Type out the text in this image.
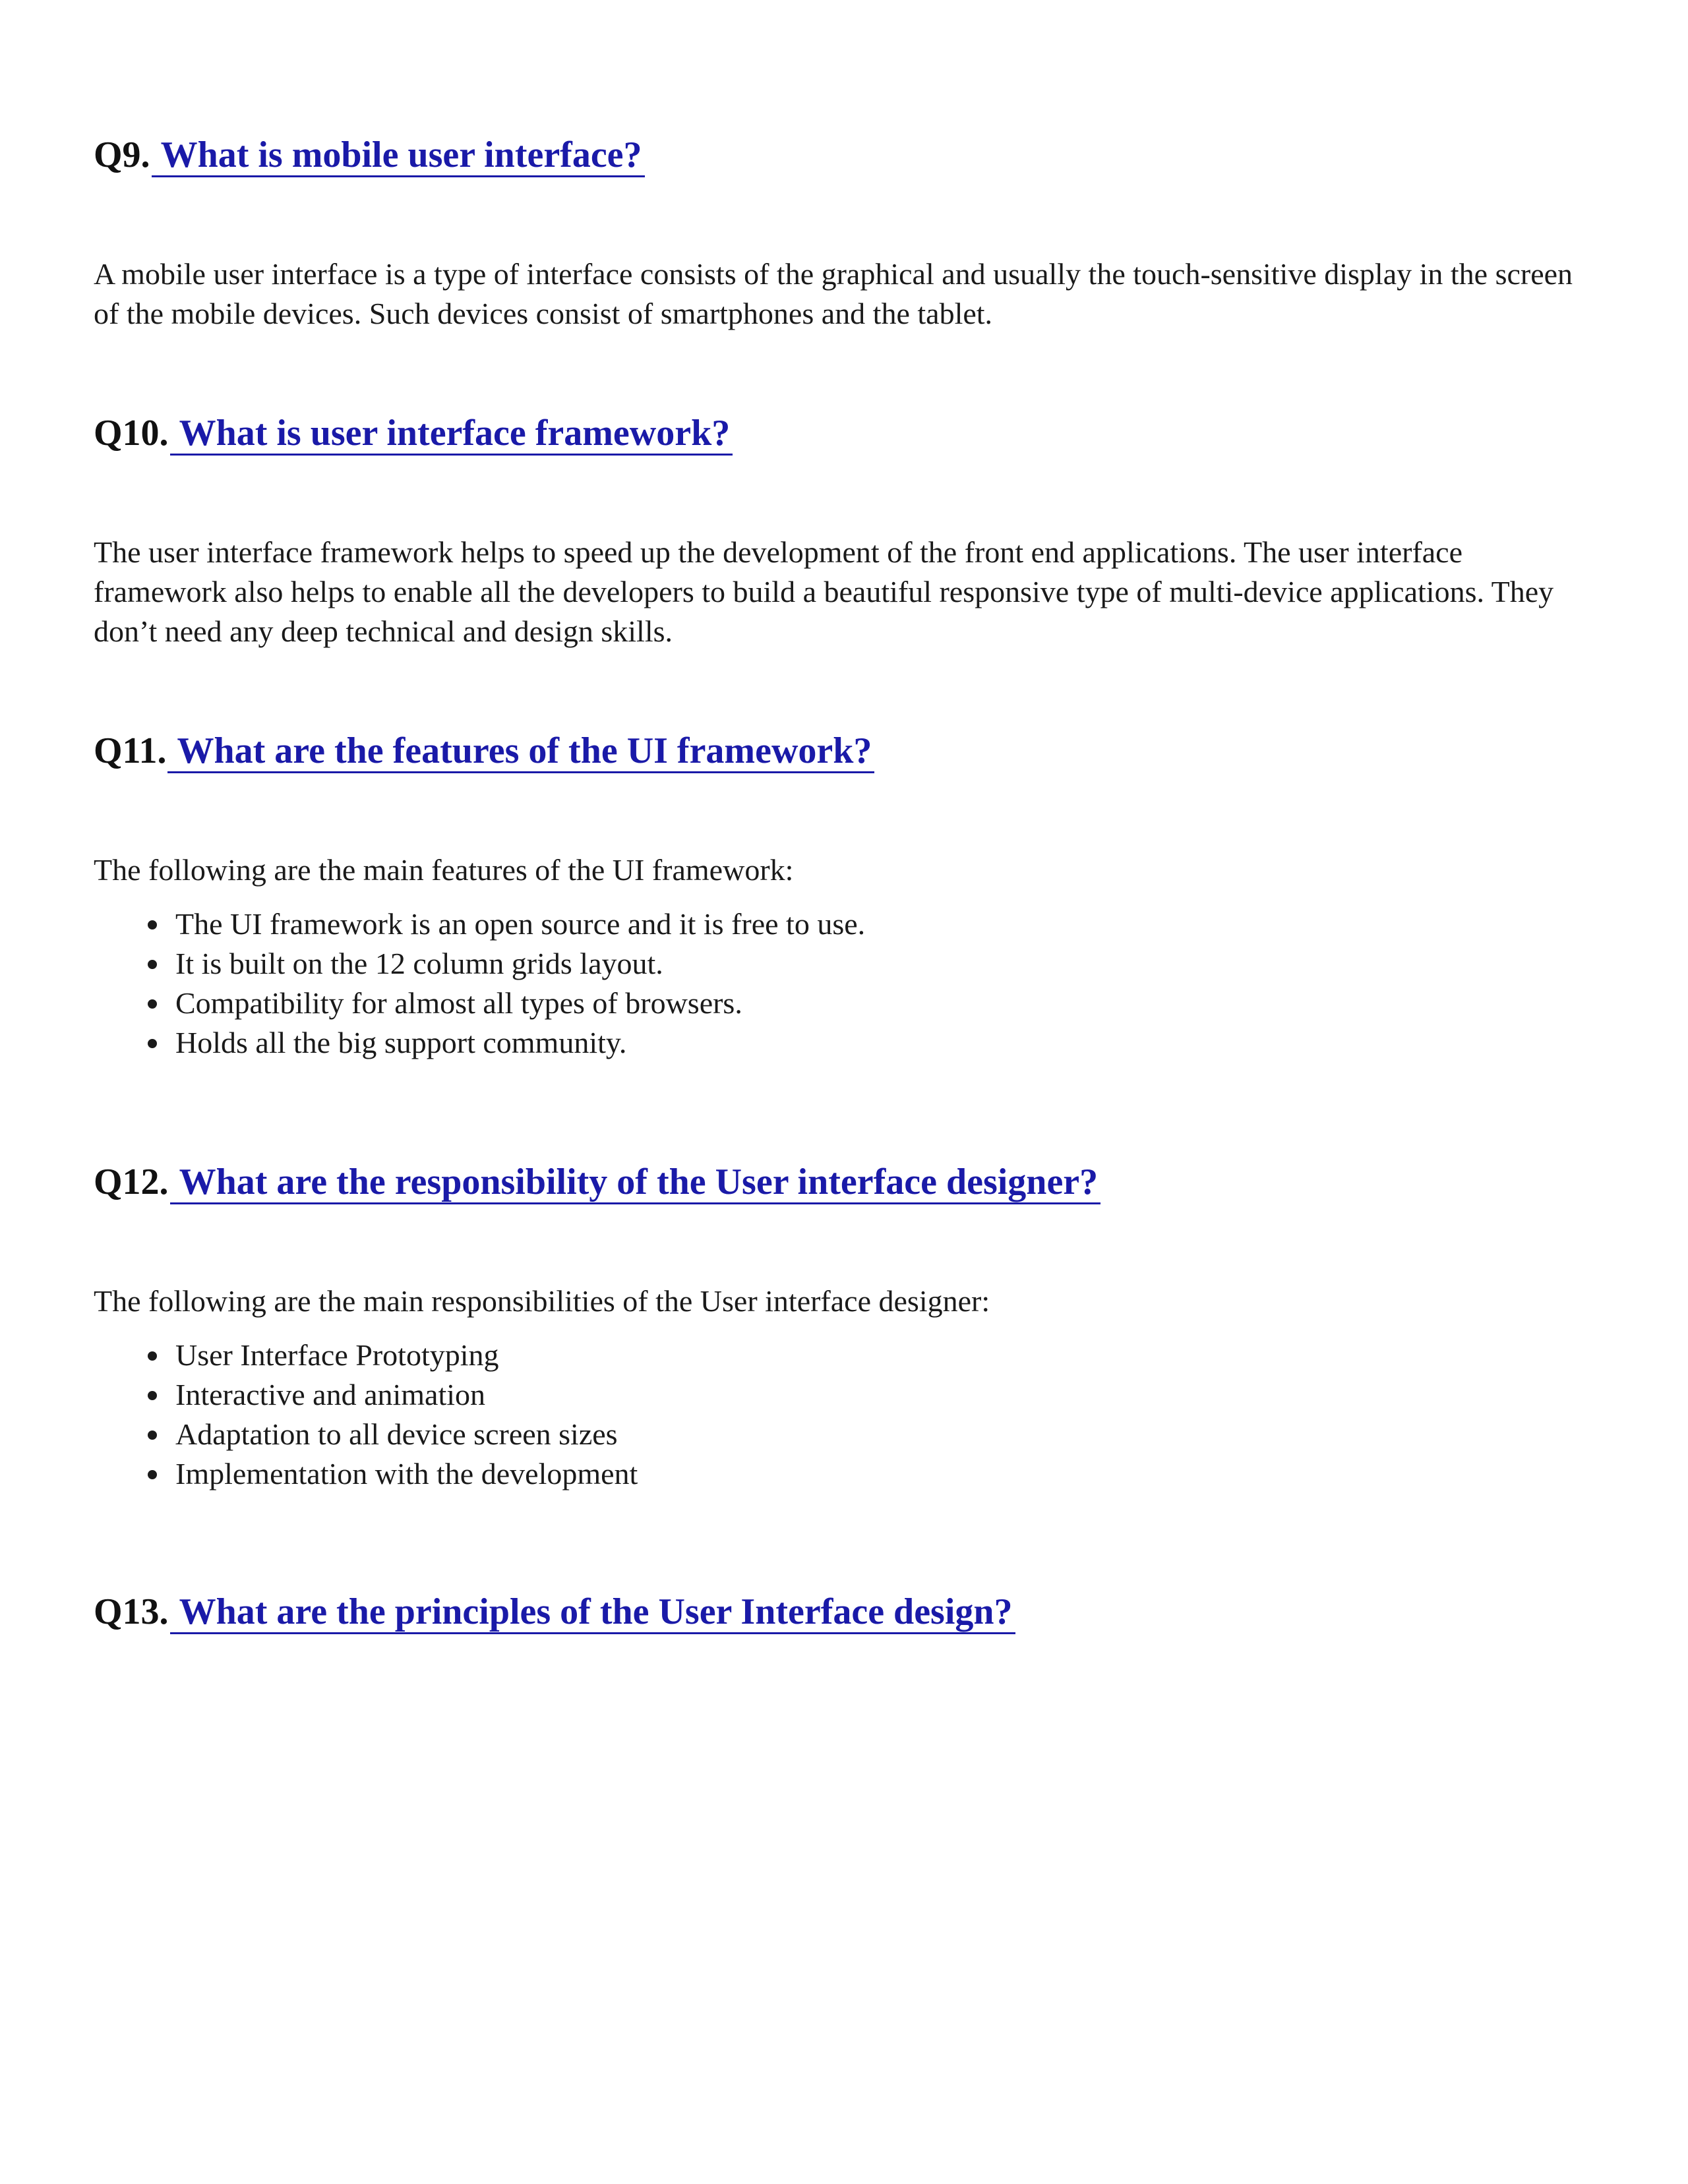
Q9. What is mobile user interface?

A mobile user interface is a type of interface consists of the graphical and usually the touch-sensitive display in the screen of the mobile devices. Such devices consist of smartphones and the tablet.

Q10. What is user interface framework?

The user interface framework helps to speed up the development of the front end applications. The user interface framework also helps to enable all the developers to build a beautiful responsive type of multi-device applications. They don’t need any deep technical and design skills.

Q11. What are the features of the UI framework?

The following are the main features of the UI framework:

The UI framework is an open source and it is free to use.
It is built on the 12 column grids layout.
Compatibility for almost all types of browsers.
Holds all the big support community.
Q12. What are the responsibility of the User interface designer?

The following are the main responsibilities of the User interface designer:

User Interface Prototyping
Interactive and animation
Adaptation to all device screen sizes
Implementation with the development
Q13. What are the principles of the User Interface design?
